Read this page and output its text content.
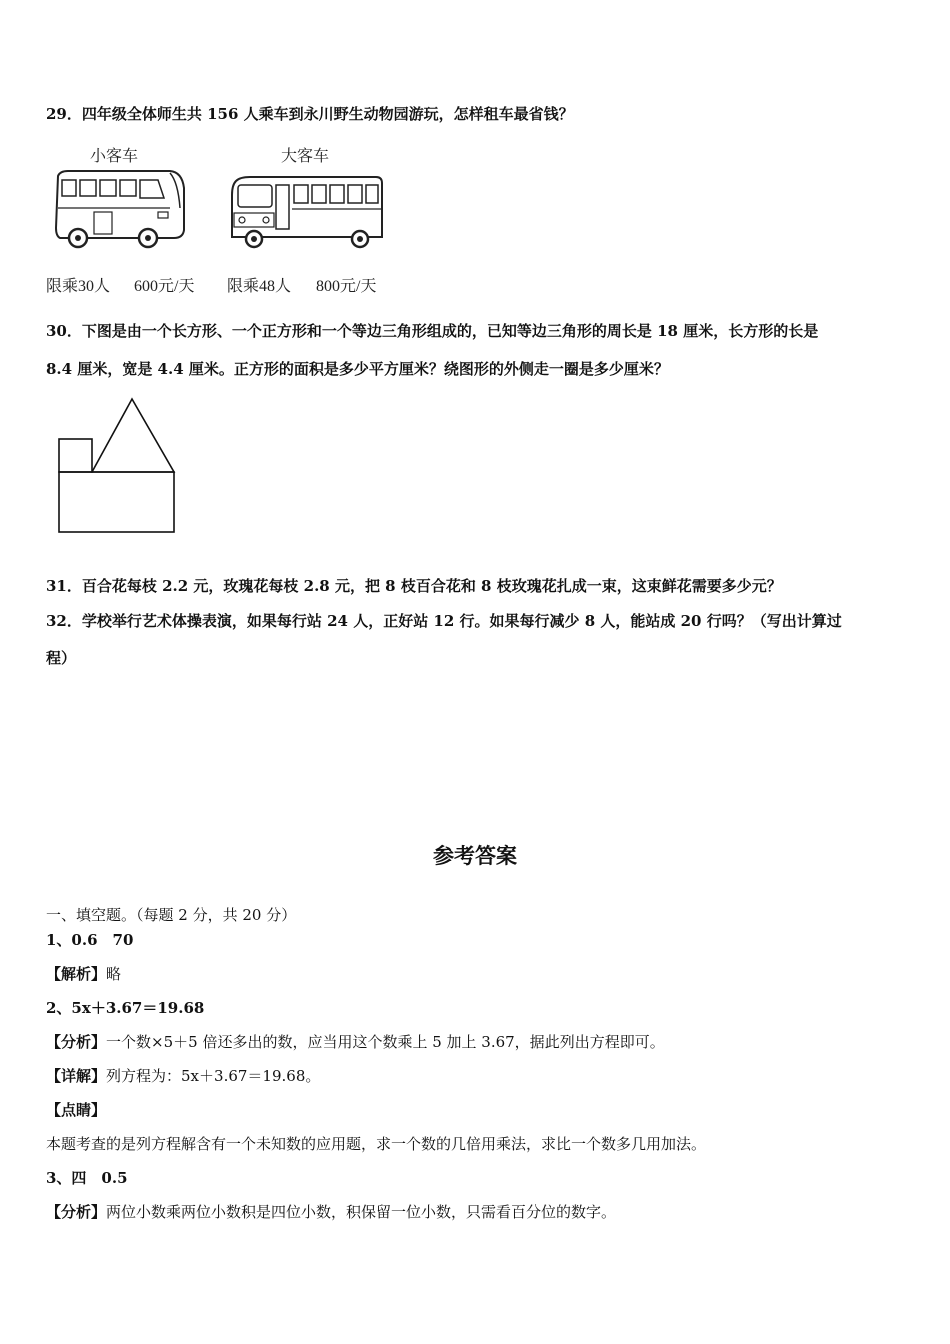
29．四年级全体师生共 156 人乘车到永川野生动物园游玩，怎样租车最省钱？
小客车	大客车
限乘30人 600元/天 限乘48人 800元/天
30．下图是由一个长方形、一个正方形和一个等边三角形组成的，已知等边三角形的周长是 18 厘米，长方形的长是
8.4 厘米，宽是 4.4 厘米。正方形的面积是多少平方厘米？绕图形的外侧走一圈是多少厘米？
31．百合花每枝 2.2 元，玫瑰花每枝 2.8 元，把 8 枝百合花和 8 枝玫瑰花扎成一束，这束鲜花需要多少元？
32．学校举行艺术体操表演，如果每行站 24 人，正好站 12 行。如果每行减少 8 人，能站成 20 行吗？（写出计算过
程）
参考答案
一、填空题。（每题 2 分，共 20 分）
1、0.6　70
【解析】略
2、5x＋3.67＝19.68
【分析】一个数×5＋5 倍还多出的数，应当用这个数乘上 5 加上 3.67，据此列出方程即可。
【详解】列方程为：5x＋3.67＝19.68。
【点睛】
本题考查的是列方程解含有一个未知数的应用题，求一个数的几倍用乘法，求比一个数多几用加法。
3、四　0.5
【分析】两位小数乘两位小数积是四位小数，积保留一位小数，只需看百分位的数字。
